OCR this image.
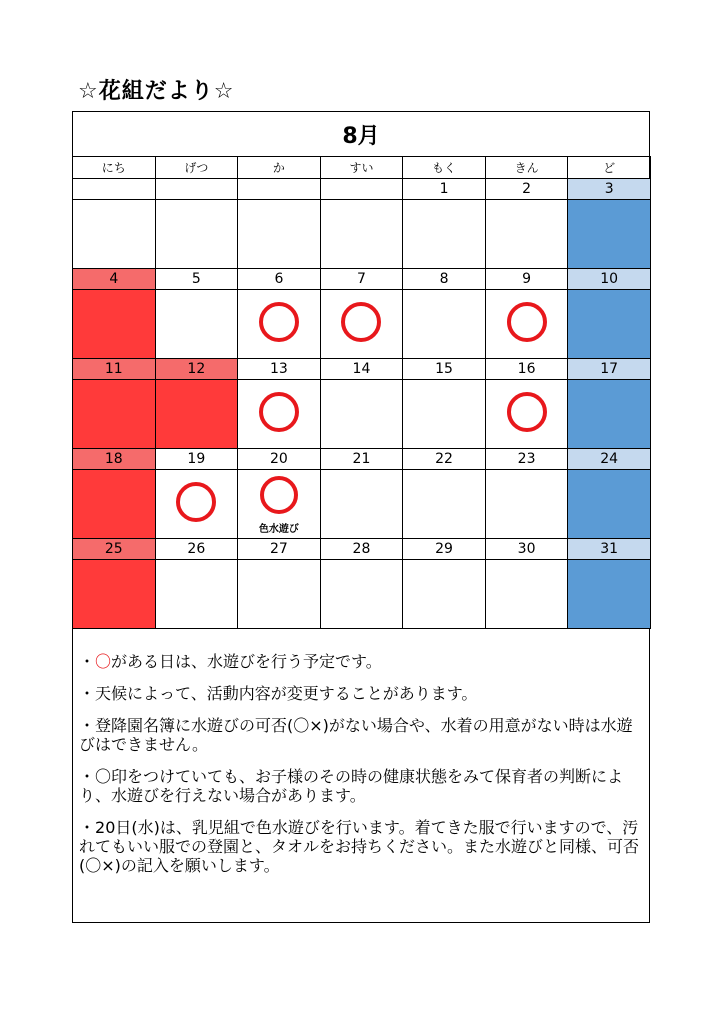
☆花組だより☆
8月
にち	げつ	か	すい	もく	きん	ど
				1	2	3

4	5	6	7	8	9	10

11	12	13	14	15	16	17

18	19	20	21	22	23	24

		色水遊び				

25	26	27	28	29	30	31

・〇がある日は、水遊びを行う予定です。

・天候によって、活動内容が変更することがあります。

・登降園名簿に水遊びの可否(〇×)がない場合や、水着の用意がない時は水遊びはできません。

・〇印をつけていても、お子様のその時の健康状態をみて保育者の判断により、水遊びを行えない場合があります。

・20日(水)は、乳児組で色水遊びを行います。着てきた服で行いますので、汚れてもいい服での登園と、タオルをお持ちください。また水遊びと同様、可否(〇×)の記入を願いします。
